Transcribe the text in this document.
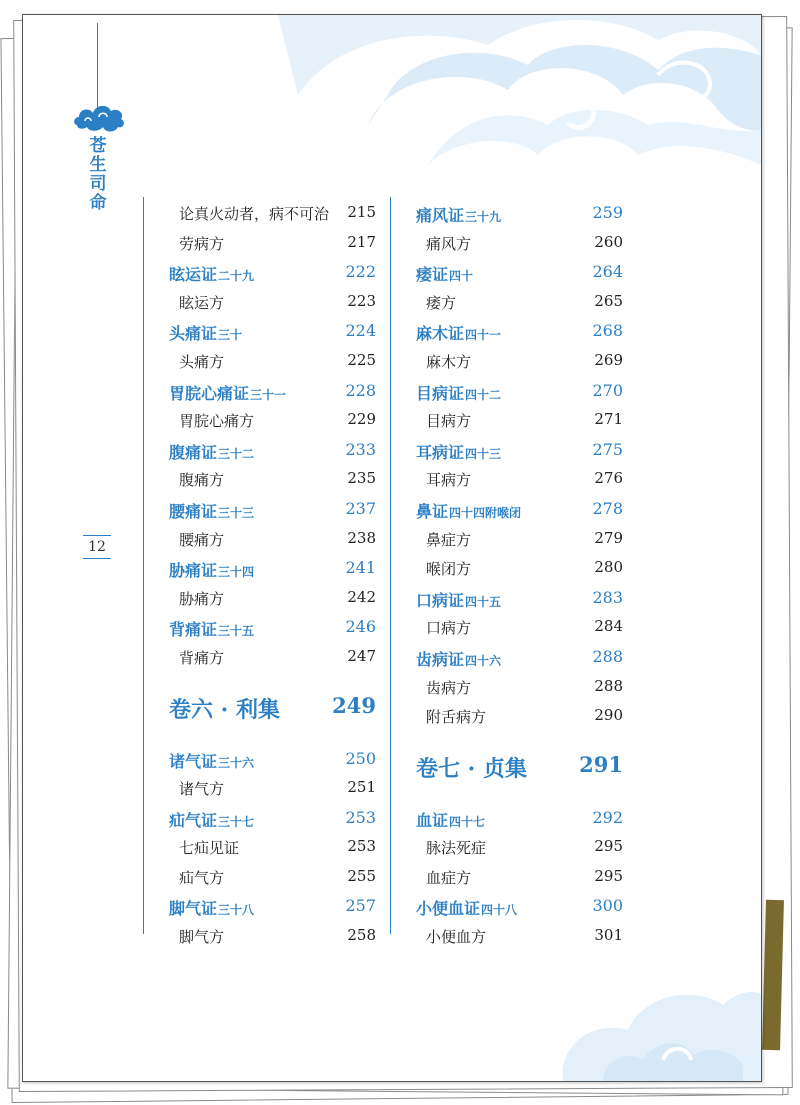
苍生司命
12
论真火动者，病不可治 215
劳病方	217
眩运证二十九	222
眩运方	223
头痛证三十	224
头痛方	225
胃脘心痛证三十一	228
胃脘心痛方	229
腹痛证三十二	233
腹痛方	235
腰痛证三十三	237
腰痛方	238
胁痛证三十四	241
胁痛方	242
背痛证三十五	246
背痛方	247
卷六 · 利集 249
诸气证三十六	250
诸气方	251
疝气证三十七	253
七疝见证	253
疝气方	255
脚气证三十八	257
脚气方	258
痛风证三十九	259
痛风方	260
痿证四十	264
痿方	265
麻木证四十一	268
麻木方	269
目病证四十二	270
目病方	271
耳病证四十三	275
耳病方	276
鼻证四十四附喉闭	278
鼻症方	279
喉闭方	280
口病证四十五	283
口病方	284
齿病证四十六	288
齿病方	288
附舌病方	290
卷七 · 贞集 291
血证四十七	292
脉法死症	295
血症方	295
小便血证四十八	300
小便血方	301
